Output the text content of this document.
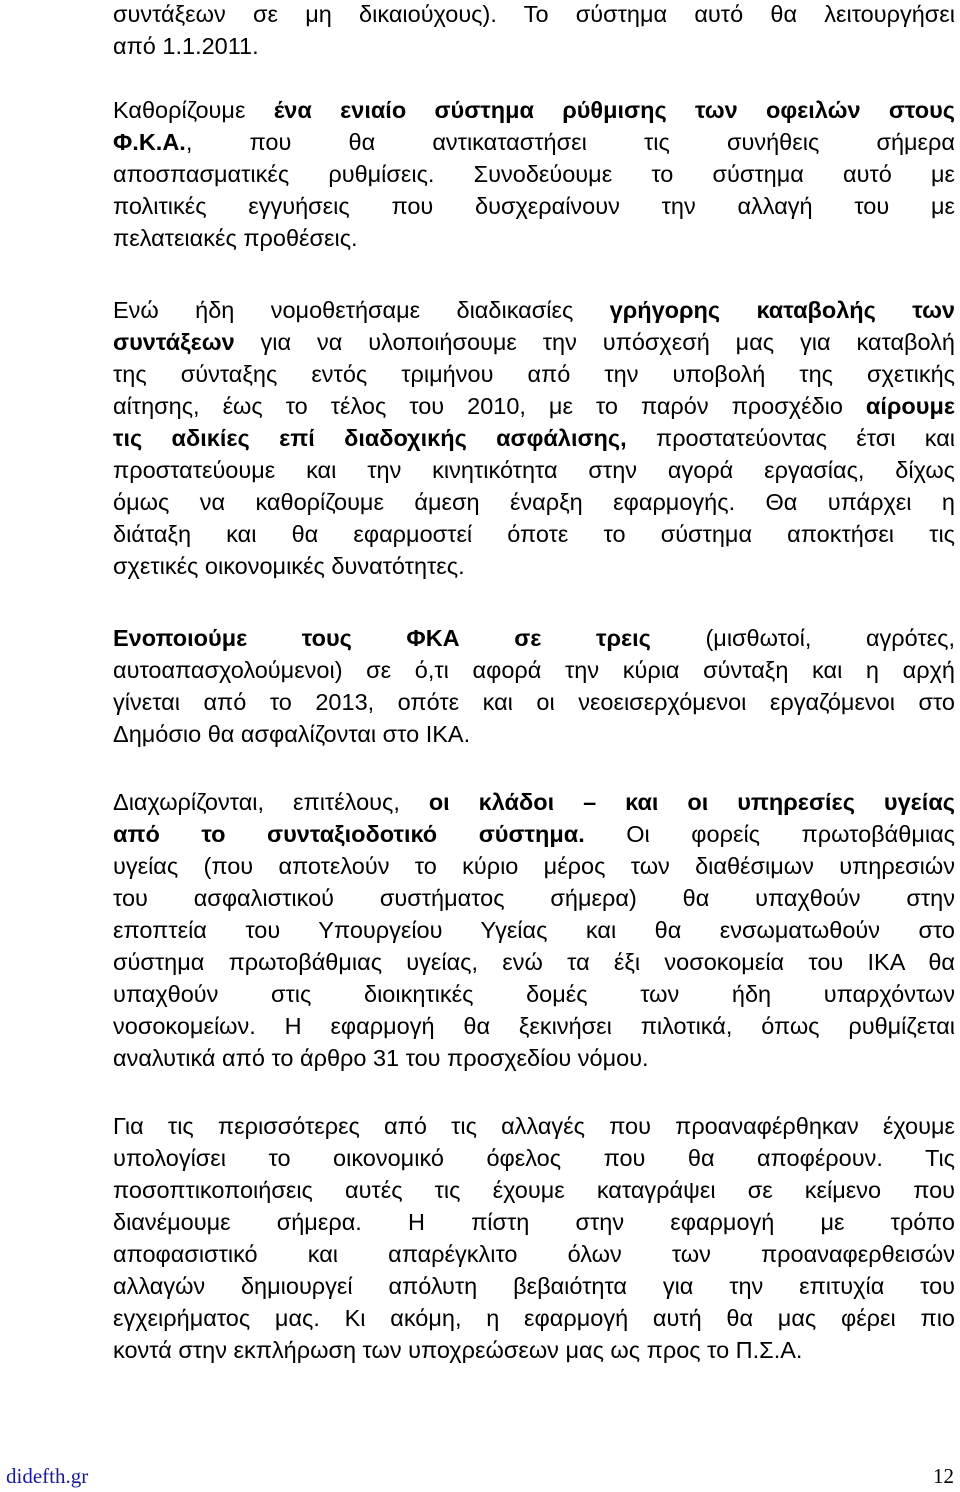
συντάξεων σε μη δικαιούχους). Το σύστημα αυτό θα λειτουργήσει
από 1.1.2011.

Καθορίζουμε ένα ενιαίο σύστημα ρύθμισης των οφειλών στους
Φ.Κ.Α., που θα αντικαταστήσει τις συνήθεις σήμερα
αποσπασματικές ρυθμίσεις. Συνοδεύουμε το σύστημα αυτό με
πολιτικές εγγυήσεις που δυσχεραίνουν την αλλαγή του με
πελατειακές προθέσεις.

Ενώ ήδη νομοθετήσαμε διαδικασίες γρήγορης καταβολής των
συντάξεων για να υλοποιήσουμε την υπόσχεσή μας για καταβολή
της σύνταξης εντός τριμήνου από την υποβολή της σχετικής
αίτησης, έως το τέλος του 2010, με το παρόν προσχέδιο αίρουμε
τις αδικίες επί διαδοχικής ασφάλισης, προστατεύοντας έτσι και
προστατεύουμε και την κινητικότητα στην αγορά εργασίας, δίχως
όμως να καθορίζουμε άμεση έναρξη εφαρμογής. Θα υπάρχει η
διάταξη και θα εφαρμοστεί όποτε το σύστημα αποκτήσει τις
σχετικές οικονομικές δυνατότητες.

Ενοποιούμε τους ΦΚΑ σε τρεις (μισθωτοί, αγρότες,
αυτοαπασχολούμενοι) σε ό,τι αφορά την κύρια σύνταξη και η αρχή
γίνεται από το 2013, οπότε και οι νεοεισερχόμενοι εργαζόμενοι στο
Δημόσιο θα ασφαλίζονται στο ΙΚΑ.

Διαχωρίζονται, επιτέλους, οι κλάδοι – και οι υπηρεσίες υγείας
από το συνταξιοδοτικό σύστημα. Οι φορείς πρωτοβάθμιας
υγείας (που αποτελούν το κύριο μέρος των διαθέσιμων υπηρεσιών
του ασφαλιστικού συστήματος σήμερα) θα υπαχθούν στην
εποπτεία του Υπουργείου Υγείας και θα ενσωματωθούν στο
σύστημα πρωτοβάθμιας υγείας, ενώ τα έξι νοσοκομεία του ΙΚΑ θα
υπαχθούν στις διοικητικές δομές των ήδη υπαρχόντων
νοσοκομείων. Η εφαρμογή θα ξεκινήσει πιλοτικά, όπως ρυθμίζεται
αναλυτικά από το άρθρο 31 του προσχεδίου νόμου.

Για τις περισσότερες από τις αλλαγές που προαναφέρθηκαν έχουμε
υπολογίσει το οικονομικό όφελος που θα αποφέρουν. Τις
ποσοπτικοποιήσεις αυτές τις έχουμε καταγράψει σε κείμενο που
διανέμουμε σήμερα. Η πίστη στην εφαρμογή με τρόπο
αποφασιστικό και απαρέγκλιτο όλων των προαναφερθεισών
αλλαγών δημιουργεί απόλυτη βεβαιότητα για την επιτυχία του
εγχειρήματος μας. Κι ακόμη, η εφαρμογή αυτή θα μας φέρει πιο
κοντά στην εκπλήρωση των υποχρεώσεων μας ως προς το Π.Σ.Α.

didefth.gr	12
